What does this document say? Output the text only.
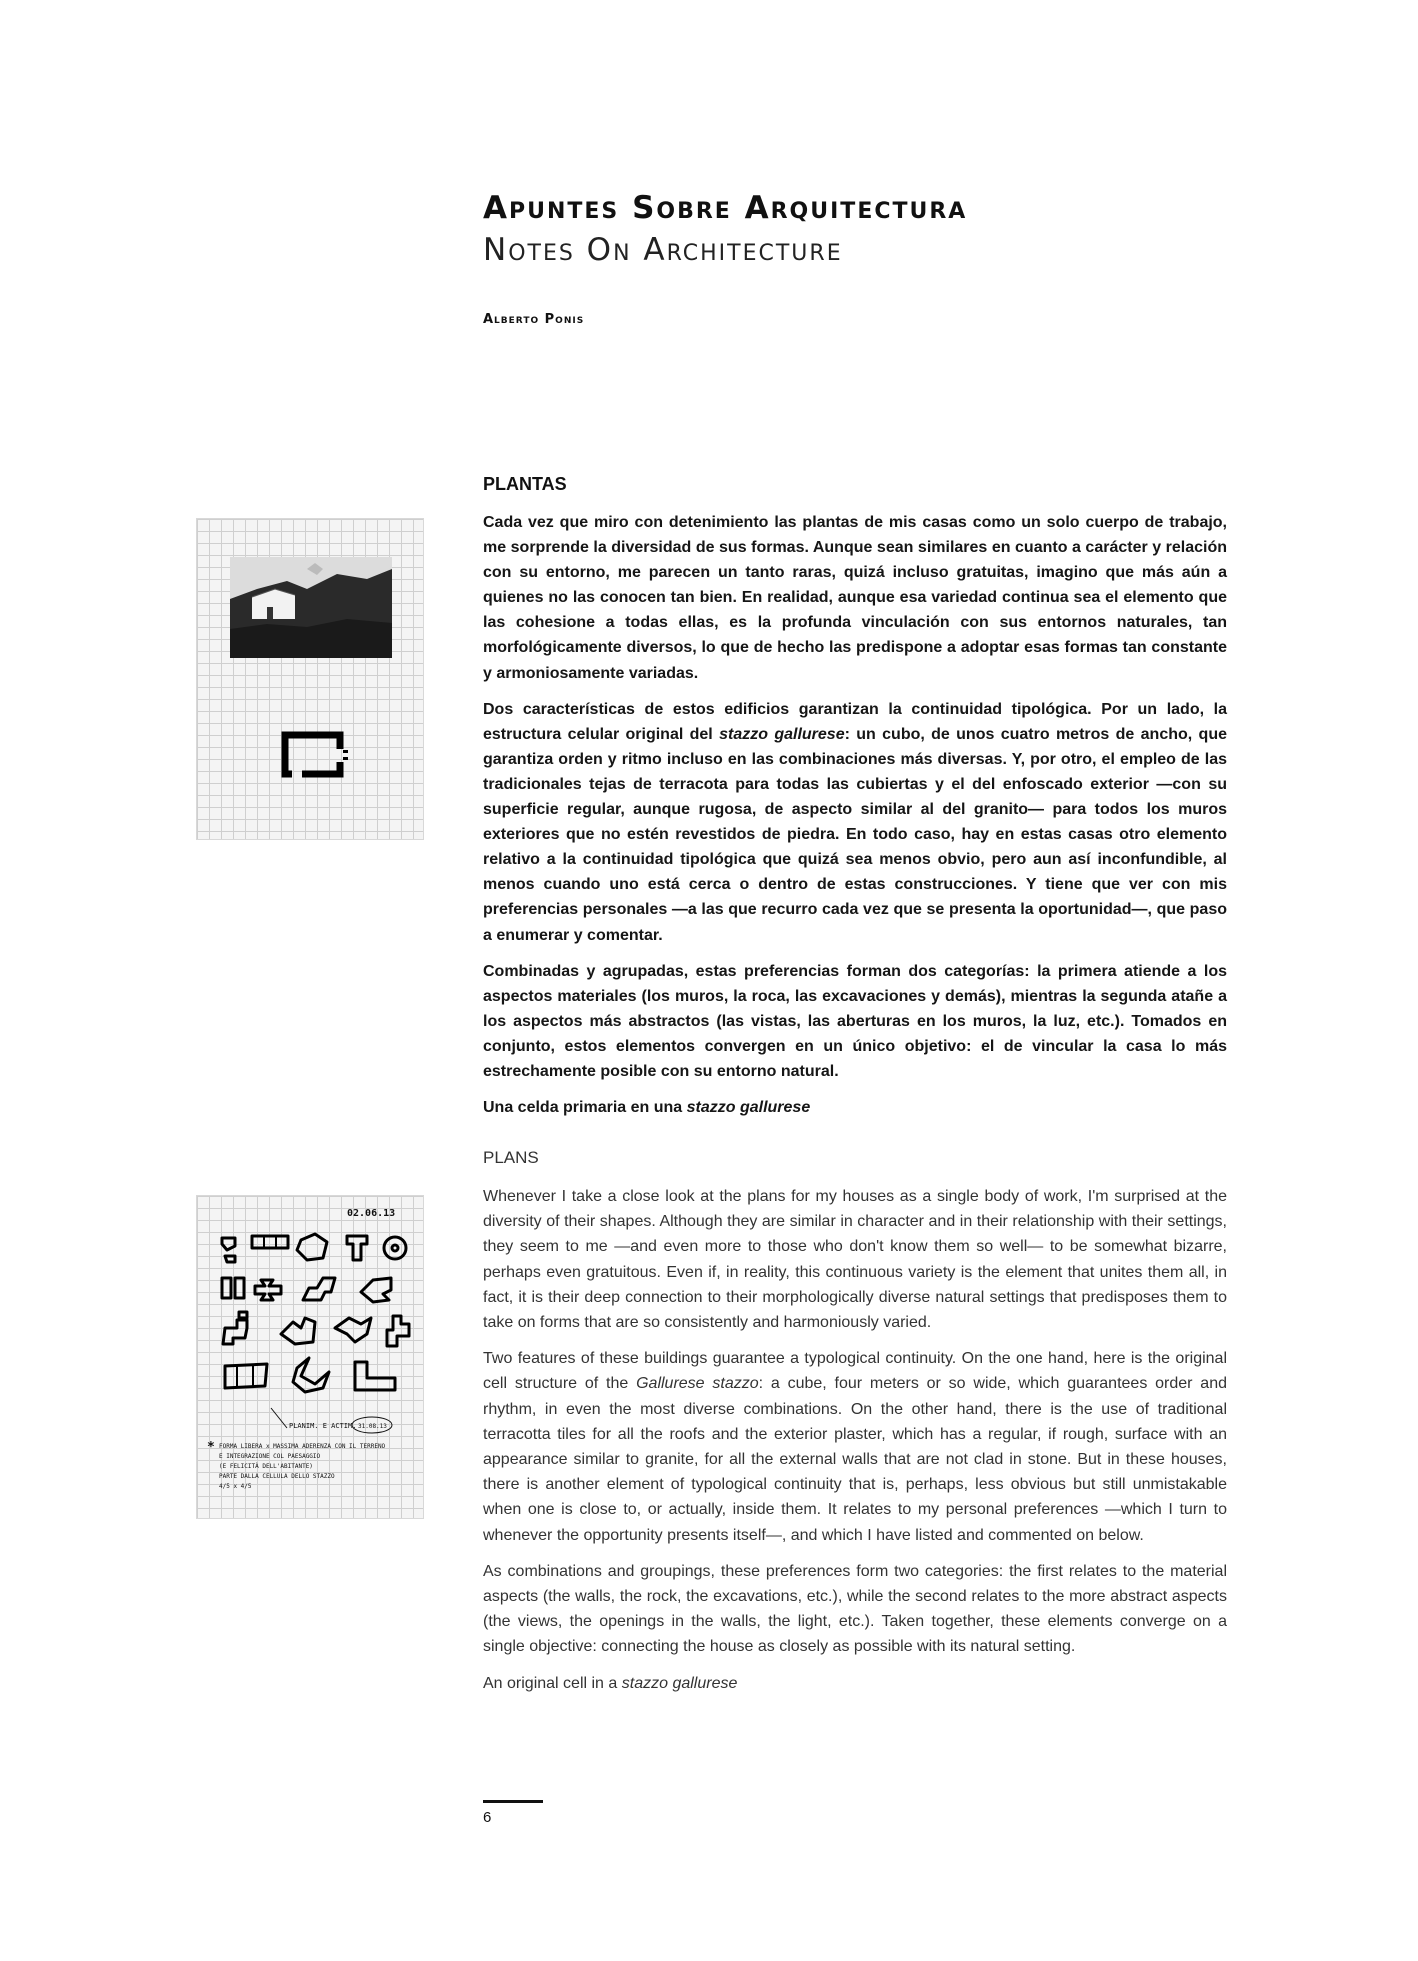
Apuntes Sobre Arquitectura
Notes On Architecture
Alberto Ponis
PLANTAS

Cada vez que miro con detenimiento las plantas de mis casas como un solo cuerpo de trabajo, me sorprende la diversidad de sus formas. Aunque sean similares en cuanto a carácter y relación con su entorno, me parecen un tanto raras, quizá incluso gratuitas, imagino que más aún a quienes no las conocen tan bien. En realidad, aunque esa variedad continua sea el elemento que las cohesione a todas ellas, es la profunda vinculación con sus entornos naturales, tan morfológicamente diversos, lo que de hecho las predispone a adoptar esas formas tan constante y armoniosamente variadas.

Dos características de estos edificios garantizan la continuidad tipológica. Por un lado, la estructura celular original del stazzo gallurese: un cubo, de unos cuatro metros de ancho, que garantiza orden y ritmo incluso en las combinaciones más diversas. Y, por otro, el empleo de las tradicionales tejas de terracota para todas las cubiertas y el del enfoscado exterior —con su superficie regular, aunque rugosa, de aspecto similar al del granito— para todos los muros exteriores que no estén revestidos de piedra. En todo caso, hay en estas casas otro elemento relativo a la continuidad tipológica que quizá sea menos obvio, pero aun así inconfundible, al menos cuando uno está cerca o dentro de estas construcciones. Y tiene que ver con mis preferencias personales —a las que recurro cada vez que se presenta la oportunidad—, que paso a enumerar y comentar.

Combinadas y agrupadas, estas preferencias forman dos categorías: la primera atiende a los aspectos materiales (los muros, la roca, las excavaciones y demás), mientras la segunda atañe a los aspectos más abstractos (las vistas, las aberturas en los muros, la luz, etc.). Tomados en conjunto, estos elementos convergen en un único objetivo: el de vincular la casa lo más estrechamente posible con su entorno natural.

Una celda primaria en una stazzo gallurese

PLANS

Whenever I take a close look at the plans for my houses as a single body of work, I'm surprised at the diversity of their shapes. Although they are similar in character and in their relationship with their settings, they seem to me —and even more to those who don't know them so well— to be somewhat bizarre, perhaps even gratuitous. Even if, in reality, this continuous variety is the element that unites them all, in fact, it is their deep connection to their morphologically diverse natural settings that predisposes them to take on forms that are so consistently and harmoniously varied.

Two features of these buildings guarantee a typological continuity. On the one hand, here is the original cell structure of the Gallurese stazzo: a cube, four meters or so wide, which guarantees order and rhythm, in even the most diverse combinations. On the other hand, there is the use of traditional terracotta tiles for all the roofs and the exterior plaster, which has a regular, if rough, surface with an appearance similar to granite, for all the external walls that are not clad in stone. But in these houses, there is another element of typological continuity that is, perhaps, less obvious but still unmistakable when one is close to, or actually, inside them. It relates to my personal preferences —which I turn to whenever the opportunity presents itself—, and which I have listed and commented on below.

As combinations and groupings, these preferences form two categories: the first relates to the material aspects (the walls, the rock, the excavations, etc.), while the second relates to the more abstract aspects (the views, the openings in the walls, the light, etc.). Taken together, these elements converge on a single objective: connecting the house as closely as possible with its natural setting.

An original cell in a stazzo gallurese

02.06.13
PLANIM. E ACTIM. 31.08.13
* FORMA LIBERA x MASSIMA ADERENZA CON IL TERRENO
E INTEGRAZIONE COL PAESAGGIO
(E FELICITÀ DELL'ABITANTE)
PARTE DALLA CELLULA DELLO STAZZO
4/5 x 4/5
6
